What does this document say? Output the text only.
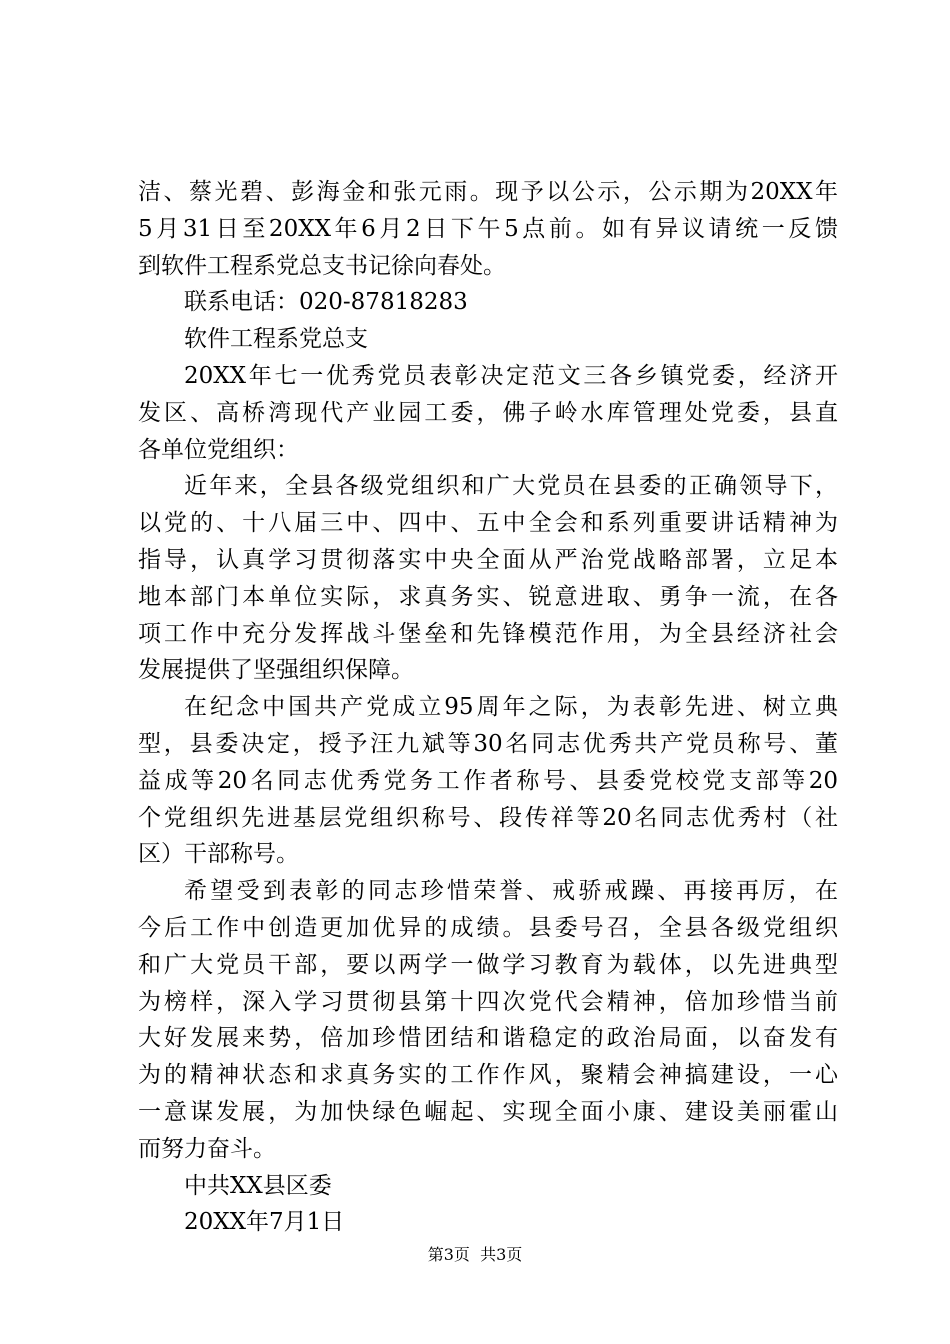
洁、蔡光碧、彭海金和张元雨。现予以公示，公示期为20XX年
5月31日至20XX年6月2日下午5点前。如有异议请统一反馈
到软件工程系党总支书记徐向春处。
联系电话：020-87818283
软件工程系党总支
20XX年七一优秀党员表彰决定范文三各乡镇党委，经济开
发区、高桥湾现代产业园工委，佛子岭水库管理处党委，县直
各单位党组织：
近年来，全县各级党组织和广大党员在县委的正确领导下，
以党的、十八届三中、四中、五中全会和系列重要讲话精神为
指导，认真学习贯彻落实中央全面从严治党战略部署，立足本
地本部门本单位实际，求真务实、锐意进取、勇争一流，在各
项工作中充分发挥战斗堡垒和先锋模范作用，为全县经济社会
发展提供了坚强组织保障。
在纪念中国共产党成立95周年之际，为表彰先进、树立典
型，县委决定，授予汪九斌等30名同志优秀共产党员称号、董
益成等20名同志优秀党务工作者称号、县委党校党支部等20
个党组织先进基层党组织称号、段传祥等20名同志优秀村（社
区）干部称号。
希望受到表彰的同志珍惜荣誉、戒骄戒躁、再接再厉，在
今后工作中创造更加优异的成绩。县委号召，全县各级党组织
和广大党员干部，要以两学一做学习教育为载体，以先进典型
为榜样，深入学习贯彻县第十四次党代会精神，倍加珍惜当前
大好发展来势，倍加珍惜团结和谐稳定的政治局面，以奋发有
为的精神状态和求真务实的工作作风，聚精会神搞建设，一心
一意谋发展，为加快绿色崛起、实现全面小康、建设美丽霍山
而努力奋斗。
中共XX县区委
20XX年7月1日
第3页  共3页
